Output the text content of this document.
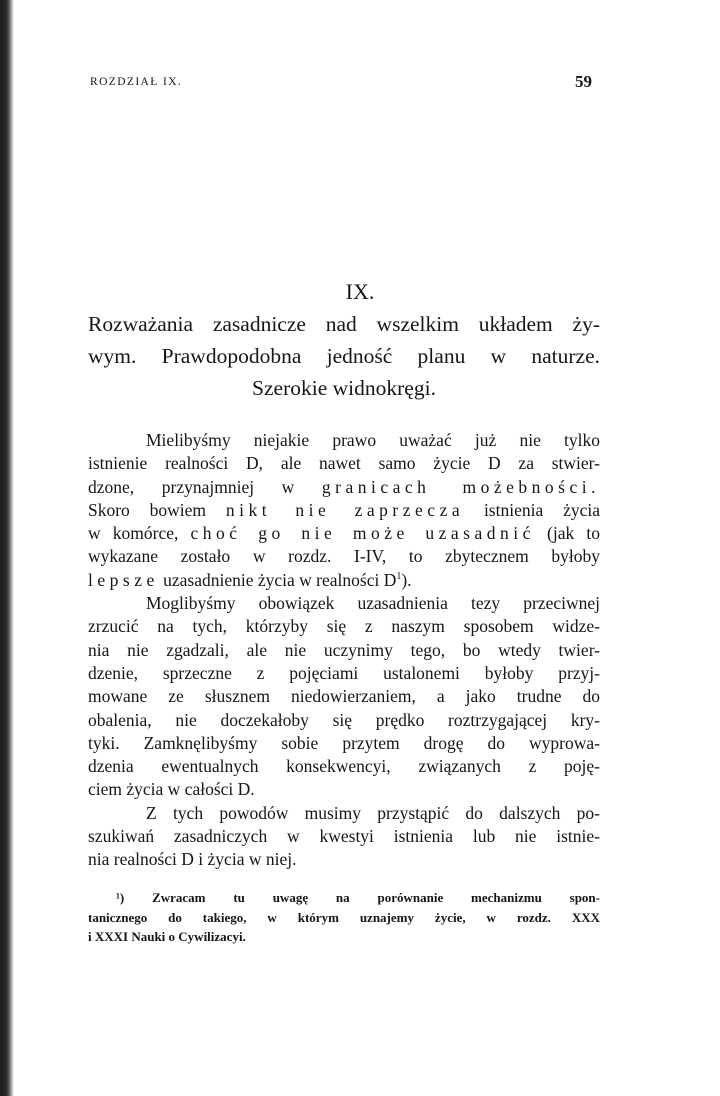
ROZDZIAŁ IX.	59
IX.
Rozważania zasadnicze nad wszelkim układem ży-
wym. Prawdopodobna jedność planu w naturze.
Szerokie widnokręgi.
Mielibyśmy niejakie prawo uważać już nie tylko
istnienie realności D, ale nawet samo życie D za stwier-
dzone, przynajmniej w granicach możebności.
Skoro bowiem nikt nie zaprzecza istnienia życia
w komórce, choć go nie może uzasadnić (jak to
wykazane zostało w rozdz. I-IV, to zbytecznem byłoby
lepsze uzasadnienie życia w realności $D^1$).
Moglibyśmy obowiązek uzasadnienia tezy przeciwnej
zrzucić na tych, którzyby się z naszym sposobem widze-
nia nie zgadzali, ale nie uczynimy tego, bo wtedy twier-
dzenie, sprzeczne z pojęciami ustalonemi byłoby przyj-
mowane ze słusznem niedowierzaniem, a jako trudne do
obalenia, nie doczekałoby się prędko roztrzygającej kry-
tyki. Zamknęlibyśmy sobie przytem drogę do wyprowa-
dzenia ewentualnych konsekwencyi, związanych z poję-
ciem życia w całości D.
Z tych powodów musimy przystąpić do dalszych po-
szukiwań zasadniczych w kwestyi istnienia lub nie istnie-
nia realności D i życia w niej.
¹) Zwracam tu uwagę na porównanie mechanizmu spon-
tanicznego do takiego, w którym uznajemy życie, w rozdz. XXX
i XXXI Nauki o Cywilizacyi.
